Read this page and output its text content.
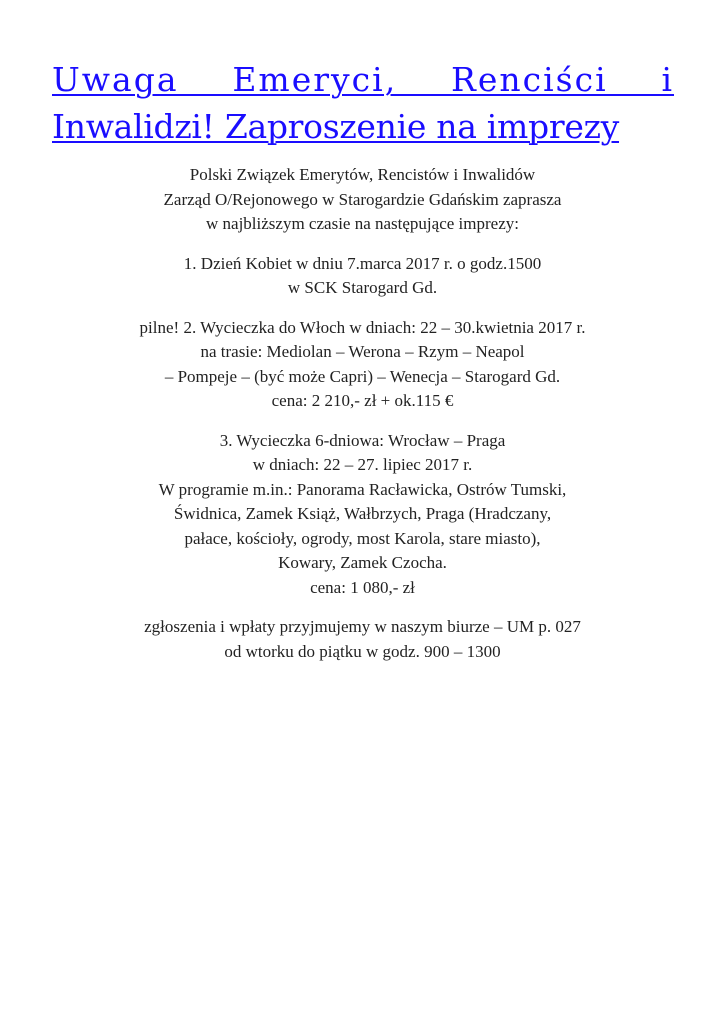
Uwaga Emeryci, Renciści i
Inwalidzi! Zaproszenie na imprezy

Polski Związek Emerytów, Rencistów i Inwalidów
Zarząd O/Rejonowego w Starogardzie Gdańskim zaprasza
w najbliższym czasie na następujące imprezy:

1. Dzień Kobiet w dniu 7.marca 2017 r. o godz.1500
w SCK Starogard Gd.

pilne! 2. Wycieczka do Włoch w dniach: 22 – 30.kwietnia 2017 r.
na trasie: Mediolan – Werona – Rzym – Neapol
– Pompeje – (być może Capri) – Wenecja – Starogard Gd.
cena: 2 210,- zł + ok.115 €

3. Wycieczka 6-dniowa: Wrocław – Praga
w dniach: 22 – 27. lipiec 2017 r.
W programie m.in.: Panorama Racławicka, Ostrów Tumski,
Świdnica, Zamek Książ, Wałbrzych, Praga (Hradczany,
pałace, kościoły, ogrody, most Karola, stare miasto),
Kowary, Zamek Czocha.
cena: 1 080,- zł

zgłoszenia i wpłaty przyjmujemy w naszym biurze – UM p. 027
od wtorku do piątku w godz. 900 – 1300
